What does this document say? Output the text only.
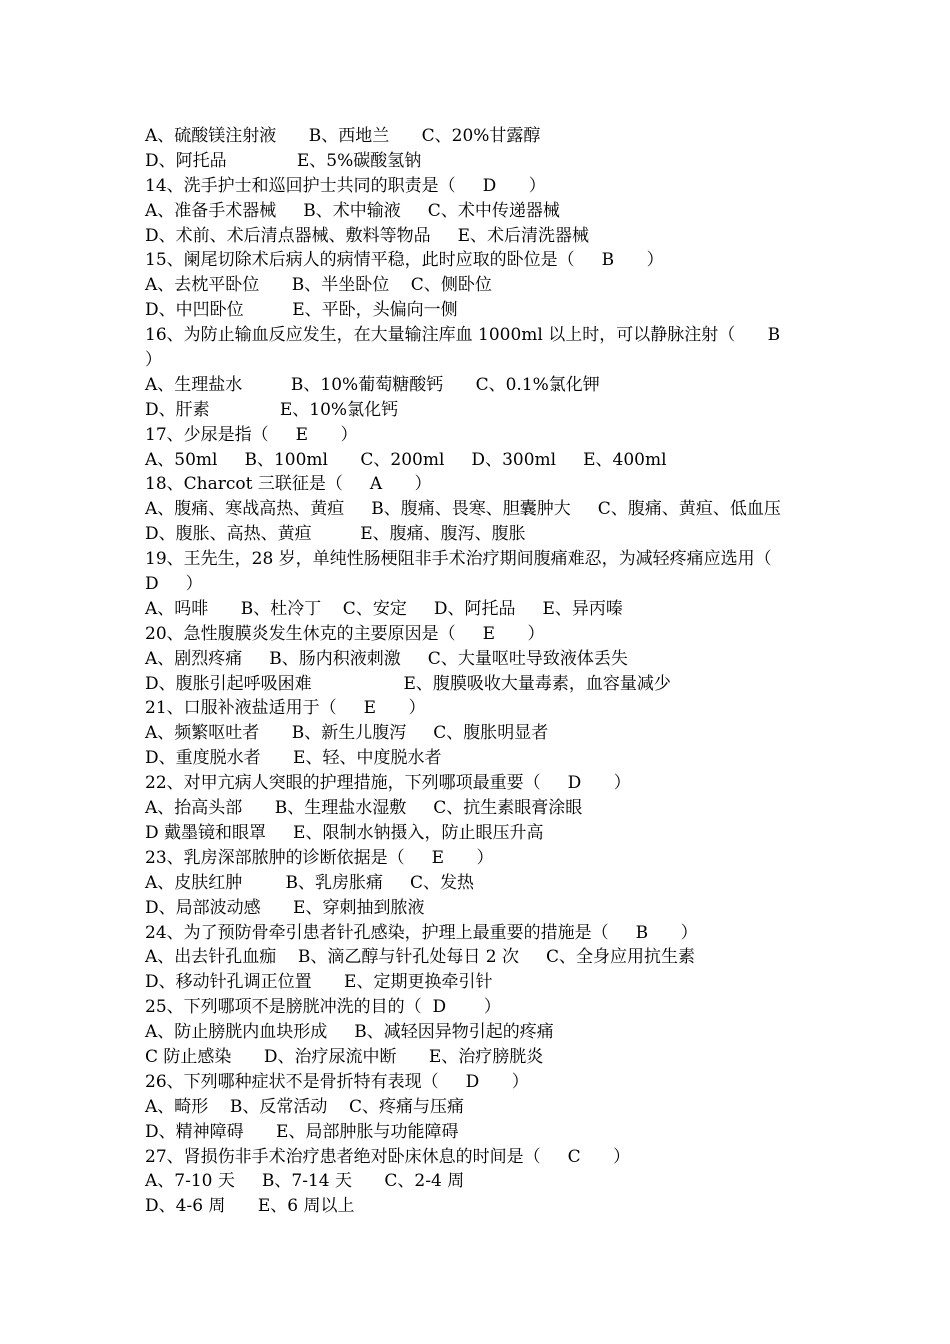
A、硫酸镁注射液      B、西地兰      C、20%甘露醇
D、阿托品             E、5%碳酸氢钠
14、洗手护士和巡回护士共同的职责是（     D      ）
A、准备手术器械     B、术中输液     C、术中传递器械
D、术前、术后清点器械、敷料等物品     E、术后清洗器械
15、阑尾切除术后病人的病情平稳，此时应取的卧位是（     B      ）
A、去枕平卧位      B、半坐卧位    C、侧卧位
D、中凹卧位         E、平卧，头偏向一侧
16、为防止输血反应发生，在大量输注库血 1000ml 以上时，可以静脉注射（      B
）
A、生理盐水         B、10%葡萄糖酸钙      C、0.1%氯化钾
D、肝素             E、10%氯化钙
17、少尿是指（     E      ）
A、50ml     B、100ml      C、200ml     D、300ml     E、400ml
18、Charcot 三联征是（     A      ）
A、腹痛、寒战高热、黄疸     B、腹痛、畏寒、胆囊肿大     C、腹痛、黄疸、低血压
D、腹胀、高热、黄疸         E、腹痛、腹泻、腹胀
19、王先生，28 岁，单纯性肠梗阻非手术治疗期间腹痛难忍，为减轻疼痛应选用（
D     ）
A、吗啡      B、杜冷丁    C、安定     D、阿托品     E、异丙嗪
20、急性腹膜炎发生休克的主要原因是（     E      ）
A、剧烈疼痛     B、肠内积液刺激     C、大量呕吐导致液体丢失
D、腹胀引起呼吸困难                 E、腹膜吸收大量毒素，血容量减少
21、口服补液盐适用于（     E      ）
A、频繁呕吐者      B、新生儿腹泻     C、腹胀明显者
D、重度脱水者      E、轻、中度脱水者
22、对甲亢病人突眼的护理措施，下列哪项最重要（     D      ）
A、抬高头部      B、生理盐水湿敷     C、抗生素眼膏涂眼
D 戴墨镜和眼罩     E、限制水钠摄入，防止眼压升高
23、乳房深部脓肿的诊断依据是（     E      ）
A、皮肤红肿        B、乳房胀痛     C、发热
D、局部波动感      E、穿刺抽到脓液
24、为了预防骨牵引患者针孔感染，护理上最重要的措施是（     B      ）
A、出去针孔血痂    B、滴乙醇与针孔处每日 2 次     C、全身应用抗生素
D、移动针孔调正位置      E、定期更换牵引针
25、下列哪项不是膀胱冲洗的目的（  D       ）
A、防止膀胱内血块形成     B、减轻因异物引起的疼痛
C 防止感染      D、治疗尿流中断      E、治疗膀胱炎
26、下列哪种症状不是骨折特有表现（     D      ）
A、畸形    B、反常活动    C、疼痛与压痛
D、精神障碍      E、局部肿胀与功能障碍
27、肾损伤非手术治疗患者绝对卧床休息的时间是（     C      ）
A、7-10 天     B、7-14 天      C、2-4 周
D、4-6 周      E、6 周以上
